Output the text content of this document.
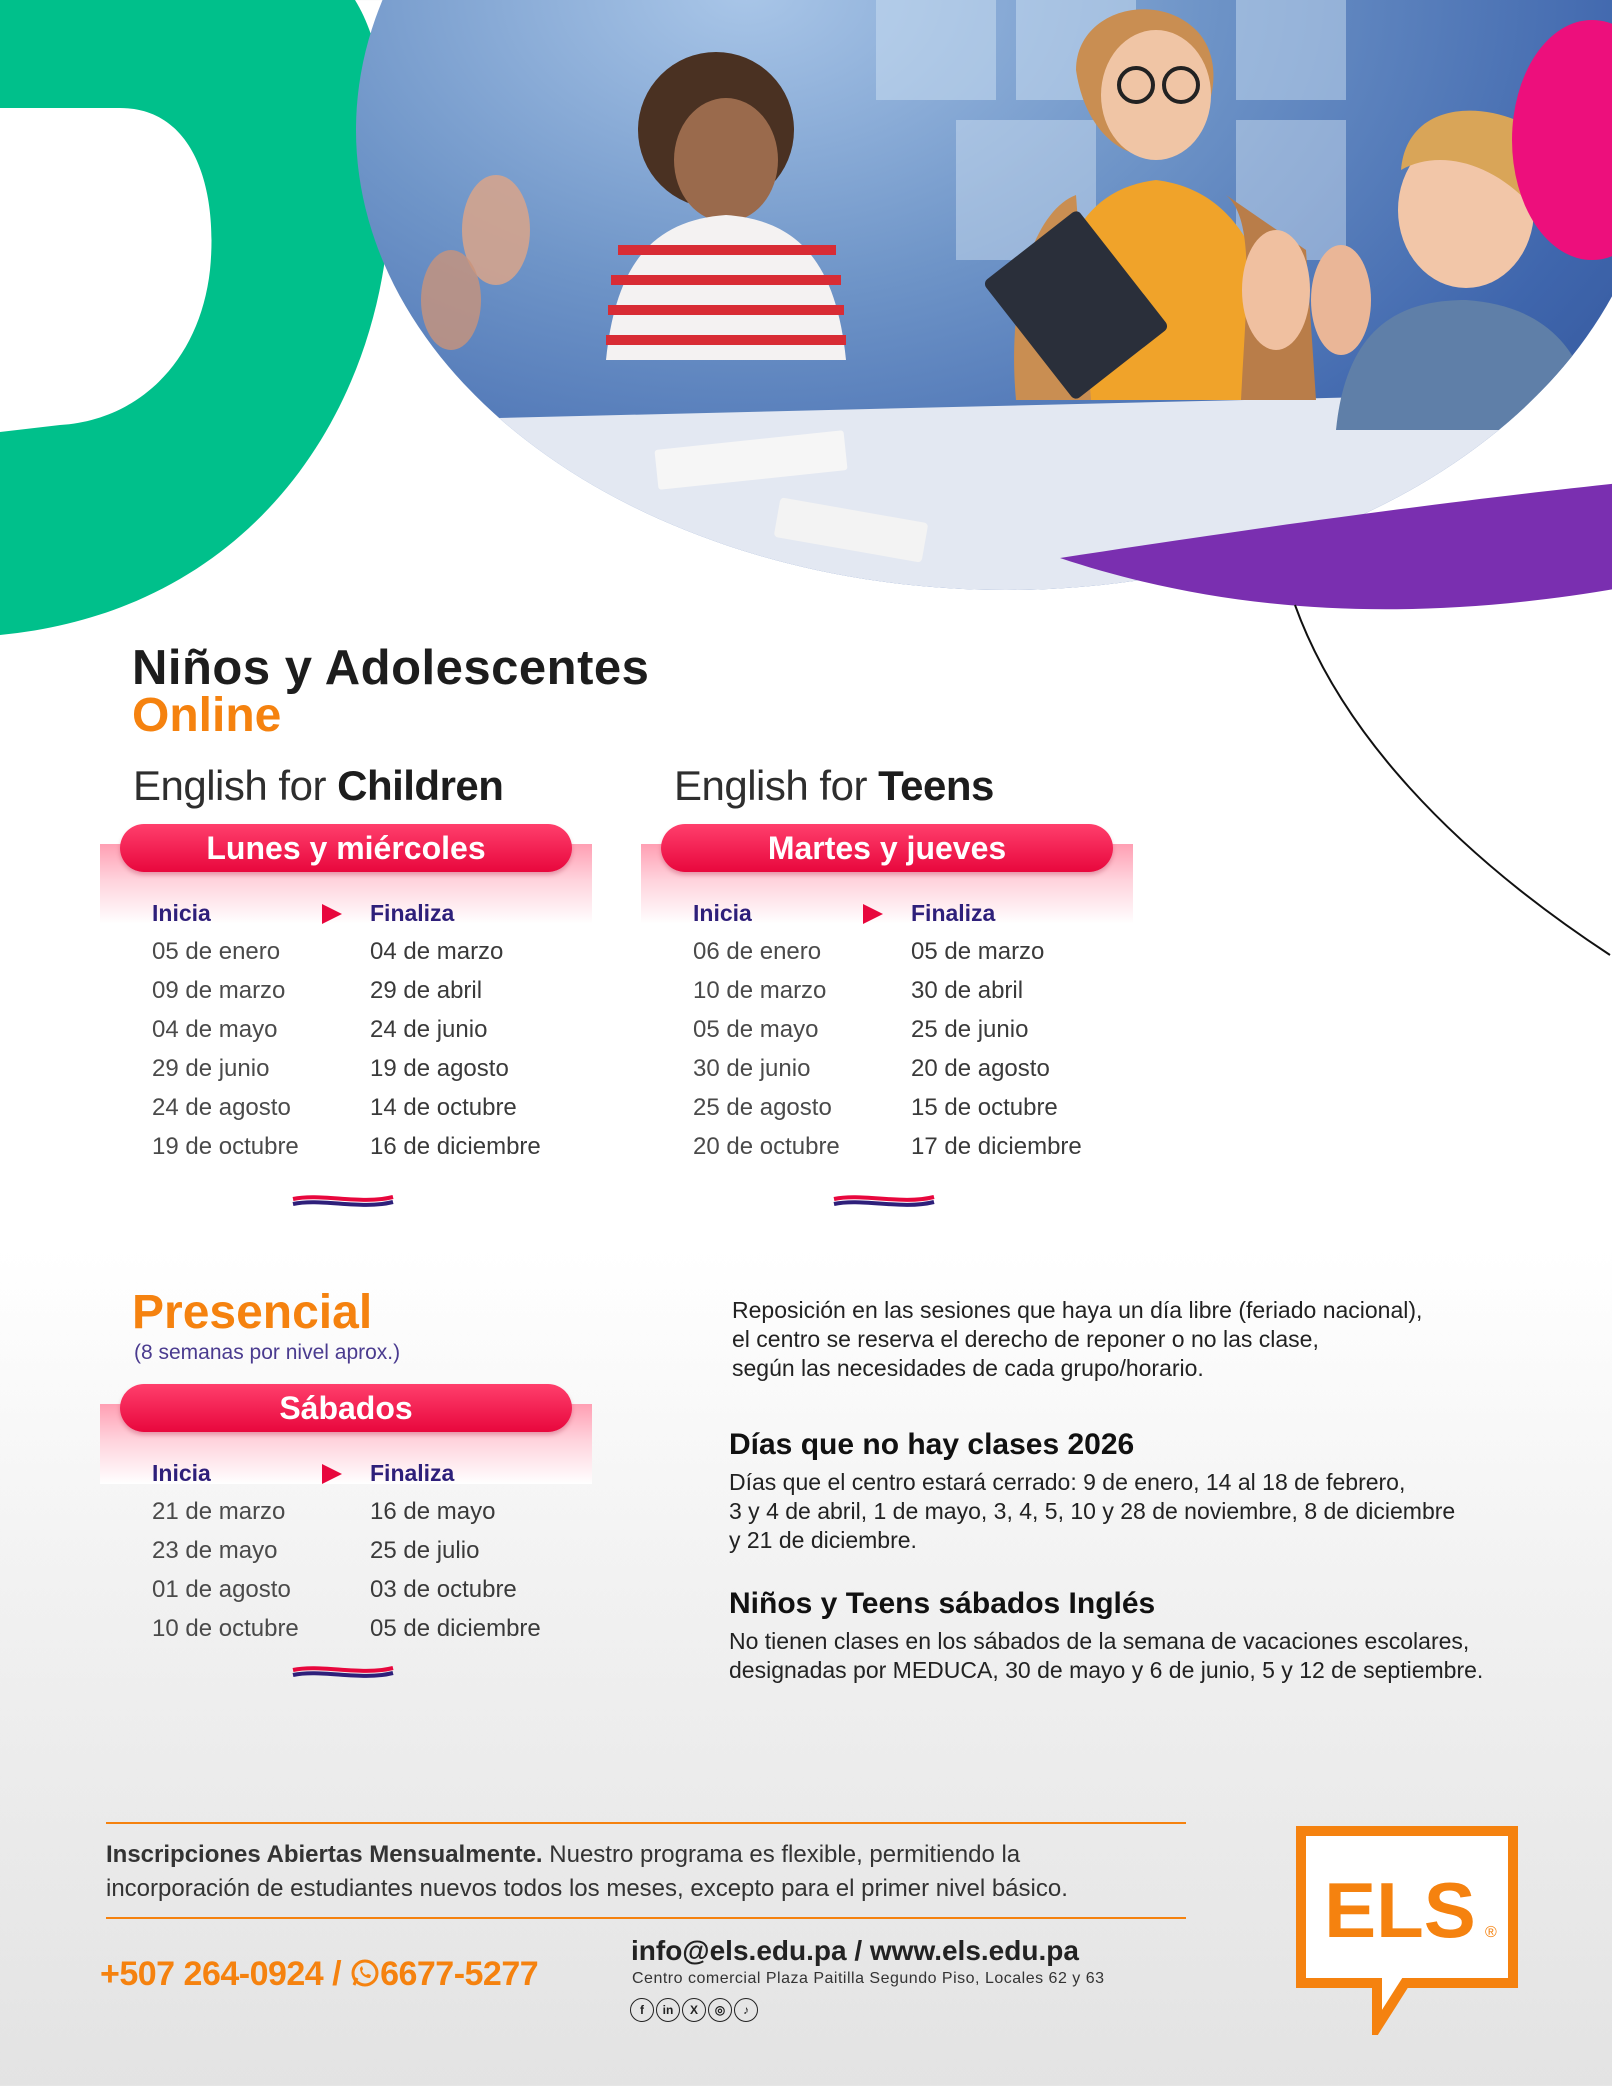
Niños y Adolescentes
Online
English for Children	English for Teens
Lunes y miércoles
Inicia	Finaliza
05 de enero	04 de marzo
09 de marzo	29 de abril
04 de mayo	24 de junio
29 de junio	19 de agosto
24 de agosto	14 de octubre
19 de octubre	16 de diciembre
Martes y jueves
Inicia	Finaliza
06 de enero	05 de marzo
10 de marzo	30 de abril
05 de mayo	25 de junio
30 de junio	20 de agosto
25 de agosto	15 de octubre
20 de octubre	17 de diciembre
Presencial
(8 semanas por nivel aprox.)
Sábados
Inicia	Finaliza
21 de marzo	16 de mayo
23 de mayo	25 de julio
01 de agosto	03 de octubre
10 de octubre	05 de diciembre
Reposición en las sesiones que haya un día libre (feriado nacional),
el centro se reserva el derecho de reponer o no las clase,
según las necesidades de cada grupo/horario.
Días que no hay clases 2026
Días que el centro estará cerrado: 9 de enero, 14 al 18 de febrero,
3 y 4 de abril, 1 de mayo, 3, 4, 5, 10 y 28 de noviembre, 8 de diciembre
y 21 de diciembre.
Niños y Teens sábados Inglés
No tienen clases en los sábados de la semana de vacaciones escolares,
designadas por MEDUCA, 30 de mayo y 6 de junio, 5 y 12 de septiembre.
Inscripciones Abiertas Mensualmente. Nuestro programa es flexible, permitiendo la
incorporación de estudiantes nuevos todos los meses, excepto para el primer nivel básico.
+507 264-0924 / 6677-5277
info@els.edu.pa / www.els.edu.pa
Centro comercial Plaza Paitilla Segundo Piso, Locales 62 y 63
f	in	X	◎	♪
ELS ®
